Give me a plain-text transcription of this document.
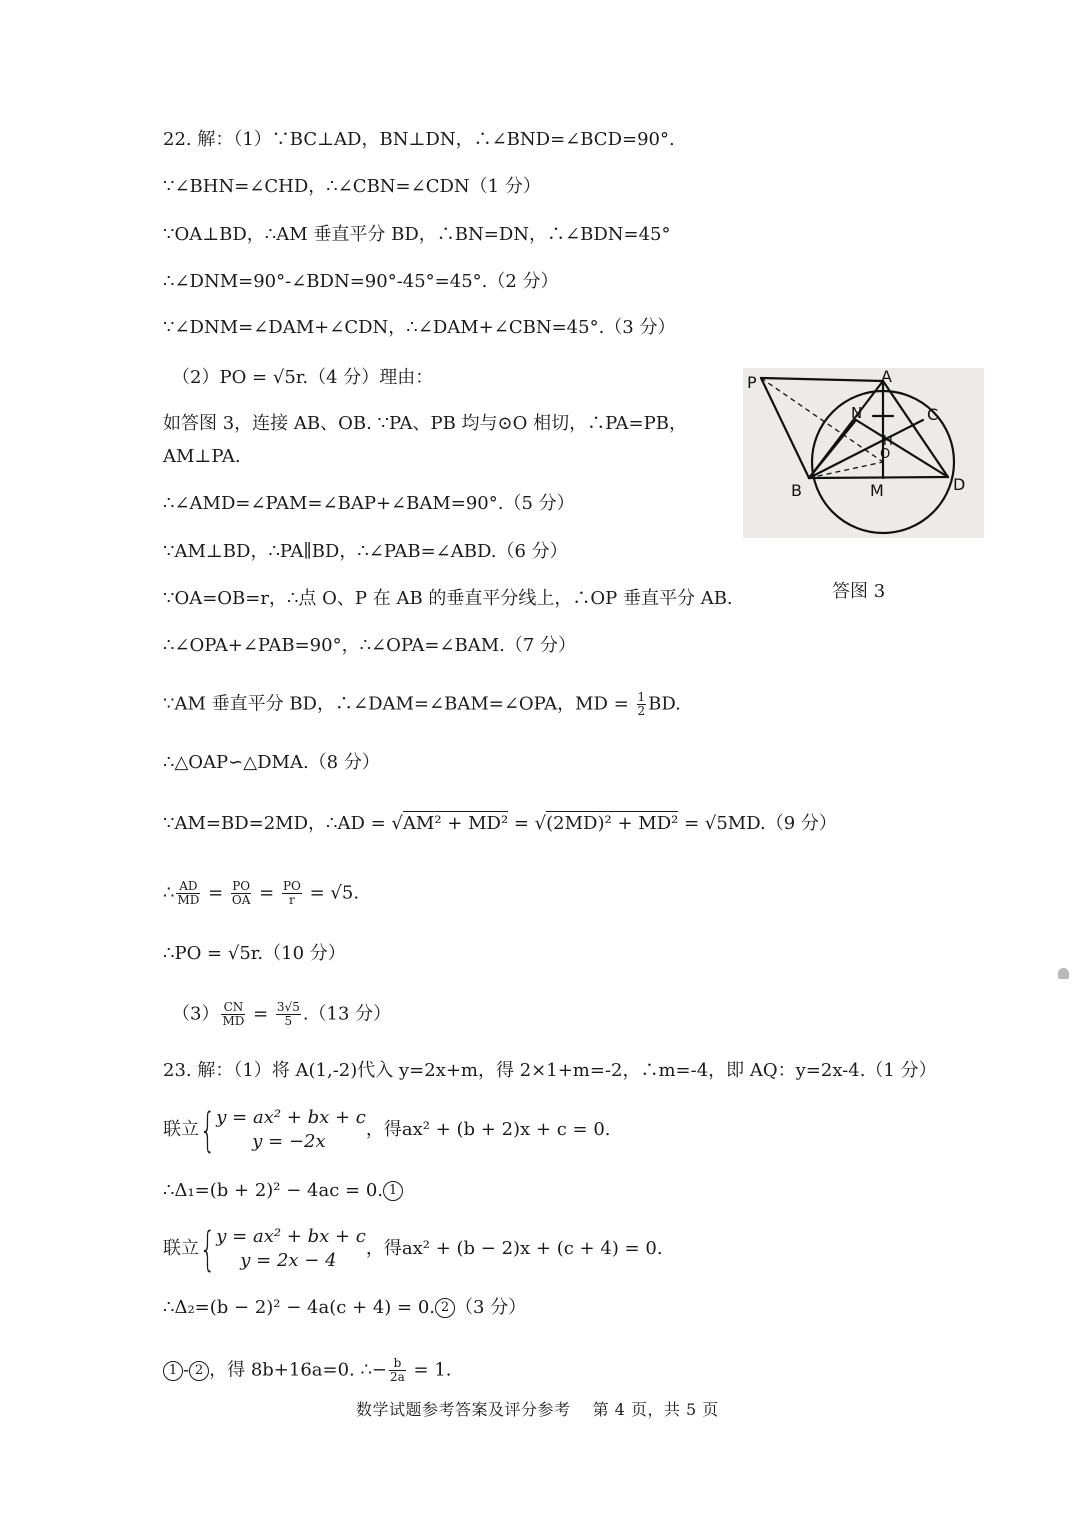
22. 解：（1）∵BC⊥AD，BN⊥DN，∴∠BND=∠BCD=90°.
∵∠BHN=∠CHD，∴∠CBN=∠CDN（1 分）
∵OA⊥BD，∴AM 垂直平分 BD，∴BN=DN，∴∠BDN=45°
∴∠DNM=90°-∠BDN=90°-45°=45°.（2 分）
∵∠DNM=∠DAM+∠CDN，∴∠DAM+∠CBN=45°.（3 分）
（2）PO = √5r.（4 分）理由：
如答图 3，连接 AB、OB. ∵PA、PB 均与⊙O 相切，∴PA=PB，
AM⊥PA.
∴∠AMD=∠PAM=∠BAP+∠BAM=90°.（5 分）
∵AM⊥BD，∴PA∥BD，∴∠PAB=∠ABD.（6 分）
∵OA=OB=r，∴点 O、P 在 AB 的垂直平分线上，∴OP 垂直平分 AB.
∴∠OPA+∠PAB=90°，∴∠OPA=∠BAM.（7 分）
∵AM 垂直平分 BD，∴∠DAM=∠BAM=∠OPA，MD = $\frac{1}{2}$ BD.
∴△OAP∽△DMA.（8 分）
∵AM=BD=2MD，∴AD = √AM² + MD² = √(2MD)² + MD² = √5MD.（9 分）
∴ $\frac{AD}{MD} = \frac{PO}{OA} = \frac{PO}{r} = √5$.
∴PO = √5r.（10 分）
$(3) \frac{CN}{MD} = \frac{3√5}{5} .(13$ 分）
23. 解：（1）将 A(1,-2)代入 y=2x+m，得 2×1+m=-2，∴m=-4，即 AQ：y=2x-4.（1 分）
联立{ y = ax² + bx + c
y = −2x
，得ax² + (b + 2)x + c = 0.
∴Δ₁=(b + 2)² − 4ac = 0. 1
联立{ y = ax² + bx + c
y = 2x − 4
，得ax² + (b − 2)x + (c + 4) = 0.
∴Δ₂=(b − 2)² − 4a(c + 4) = 0. 2 （3 分）
1 - 2 ，得 8b+16a=0. ∴− $\frac{b}{2a} = 1$.
P	A
N	C
H
O
B	M	D
答图 3
数学试题参考答案及评分参考　 第 4 页，共 5 页
